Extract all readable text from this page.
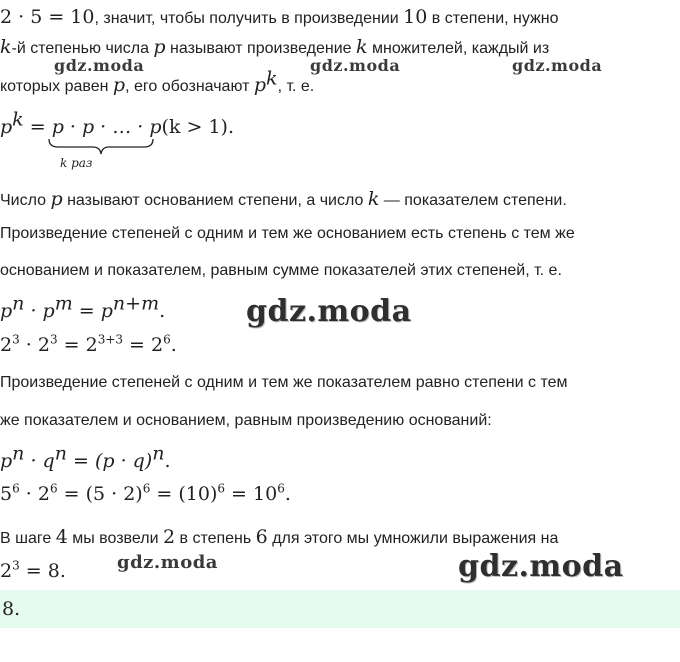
2 · 5 = 10, значит, чтобы получить в произведении 10 в степени, нужно
k-й степенью числа p называют произведение k множителей, каждый из
которых равен p, его обозначают $p^k$, т. е.
$p^k = p \cdot p$ · … · p(k > 1).
k раз
Число p называют основанием степени, а число k — показателем степени.
Произведение степеней с одним и тем же основанием есть степень с тем же
основанием и показателем, равным сумме показателей этих степеней, т. е.
$p^n \cdot p^m = p^{n+m}$.
$2^3 \cdot 2^3 = 2^{3+3} = 2^6$.
Произведение степеней с одним и тем же показателем равно степени с тем
же показателем и основанием, равным произведению оснований:
$p^n \cdot q^n = (p \cdot q)^n$.
$5^6 \cdot 2^6 = (5 \cdot 2)^6 = (10)^6 = 10^6$.
В шаге 4 мы возвели 2 в степень 6 для этого мы умножили выражения на
$2^3 = 8$.
8.
gdz.moda	gdz.moda	gdz.moda
gdz.moda
gdz.moda	gdz.moda
